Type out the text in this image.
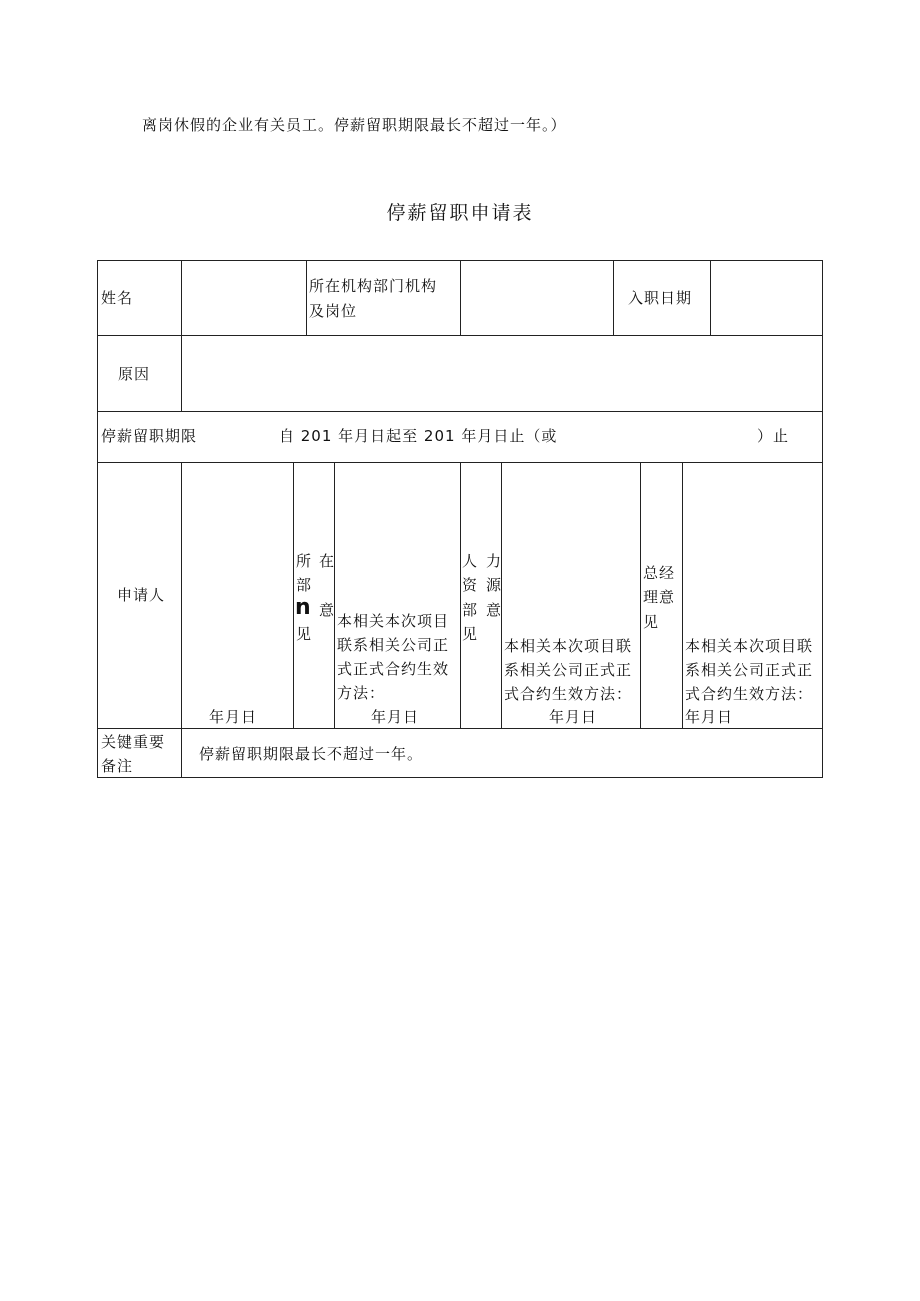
离岗休假的企业有关员工。停薪留职期限最长不超过一年。）
停薪留职申请表
姓名
所在机构部门机构
及岗位
入职日期
原因
停薪留职期限	自 201 年月日起至 201 年月日止（或	）止
申请人
年月日
所 在
部
n 意
见
本相关本次项目联系相关公司正式正式合约生效方法：
年月日
人 力
资 源
部 意
见
本相关本次项目联系相关公司正式正式合约生效方法：
年月日
总经
理意
见
本相关本次项目联系相关公司正式正式合约生效方法：
年月日
关键重要
备注
停薪留职期限最长不超过一年。
